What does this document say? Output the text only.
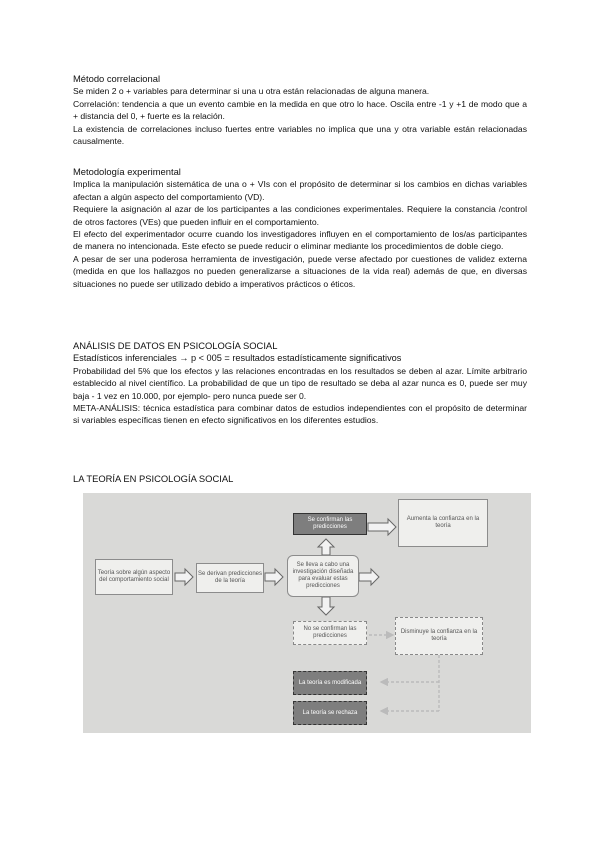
Método correlacional

Se miden 2 o + variables para determinar si una u otra están relacionadas de alguna manera.

Correlación: tendencia a que un evento cambie en la medida en que otro lo hace. Oscila entre -1 y +1 de modo que a + distancia del 0, + fuerte es la relación.

La existencia de correlaciones incluso fuertes entre variables no implica que una y otra variable están relacionadas causalmente.

Metodología experimental

Implica la manipulación sistemática de una o + VIs con el propósito de determinar si los cambios en dichas variables afectan a algún aspecto del comportamiento (VD).

Requiere la asignación al azar de los participantes a las condiciones experimentales. Requiere la constancia /control de otros factores (VEs) que pueden influir en el comportamiento.

El efecto del experimentador ocurre cuando los investigadores influyen en el comportamiento de los/as participantes de manera no intencionada. Este efecto se puede reducir o eliminar mediante los procedimientos de doble ciego.

A pesar de ser una poderosa herramienta de investigación, puede verse afectado por cuestiones de validez externa (medida en que los hallazgos no pueden generalizarse a situaciones de la vida real) además de que, en diversas situaciones no puede ser utilizado debido a imperativos prácticos o éticos.

ANÁLISIS DE DATOS EN PSICOLOGÍA SOCIAL

Estadísticos inferenciales → p < 005 = resultados estadísticamente significativos

Probabilidad del 5% que los efectos y las relaciones encontradas en los resultados se deben al azar. Límite arbitrario establecido al nivel científico. La probabilidad de que un tipo de resultado se deba al azar nunca es 0, puede ser muy baja - 1 vez en 10.000, por ejemplo- pero nunca puede ser 0.

META-ANÁLISIS: técnica estadística para combinar datos de estudios independientes con el propósito de determinar si variables específicas tienen en efecto significativos en los diferentes estudios.

LA TEORÍA EN PSICOLOGÍA SOCIAL
Teoría sobre algún aspecto del comportamiento social
Se derivan predicciones de la teoría
Se lleva a cabo una investigación diseñada para evaluar estas predicciones
Se confirman las predicciones
Aumenta la confianza en la teoría
No se confirman las predicciones
Disminuye la confianza en la teoría
La teoría es modificada
La teoría se rechaza
